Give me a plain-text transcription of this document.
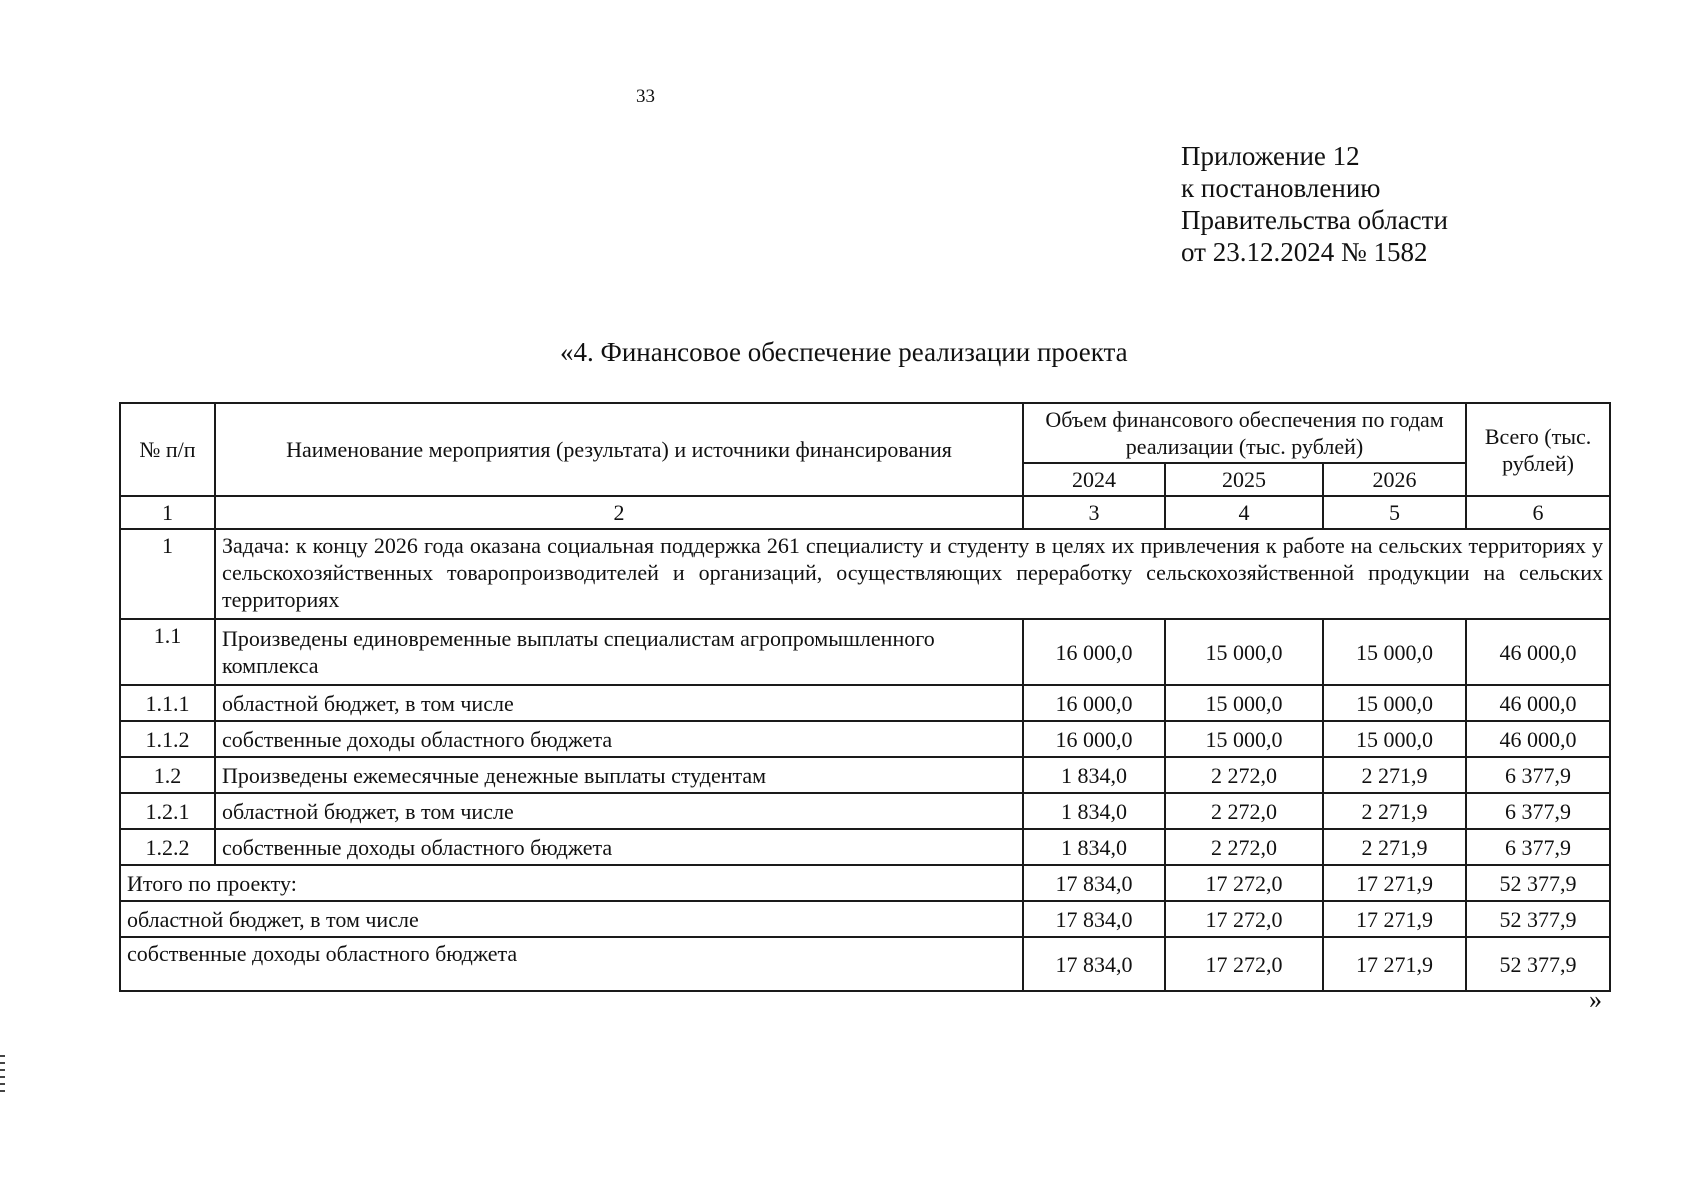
33
Приложение 12
к постановлению
Правительства области
от 23.12.2024 № 1582
«4. Финансовое обеспечение реализации проекта
№ п/п	Наименование мероприятия (результата) и источники финансирования	Объем финансового обеспечения по годам реализации (тыс. рублей)			Всего (тыс. рублей)
		2024	2025	2026	
1	2	3	4	5	6
1	Задача: к концу 2026 года оказана социальная поддержка 261 специалисту и студенту в целях их привлечения к работе на сельских территориях у сельскохозяйственных товаропроизводителей и организаций, осуществляющих переработку сельскохозяйственной продукции на сельских территориях				
1.1	Произведены единовременные выплаты специалистам агропромышленного комплекса	16 000,0	15 000,0	15 000,0	46 000,0
1.1.1	областной бюджет, в том числе	16 000,0	15 000,0	15 000,0	46 000,0
1.1.2	собственные доходы областного бюджета	16 000,0	15 000,0	15 000,0	46 000,0
1.2	Произведены ежемесячные денежные выплаты студентам	1 834,0	2 272,0	2 271,9	6 377,9
1.2.1	областной бюджет, в том числе	1 834,0	2 272,0	2 271,9	6 377,9
1.2.2	собственные доходы областного бюджета	1 834,0	2 272,0	2 271,9	6 377,9
Итого по проекту:		17 834,0	17 272,0	17 271,9	52 377,9
областной бюджет, в том числе		17 834,0	17 272,0	17 271,9	52 377,9
собственные доходы областного бюджета		17 834,0	17 272,0	17 271,9	52 377,9
»
